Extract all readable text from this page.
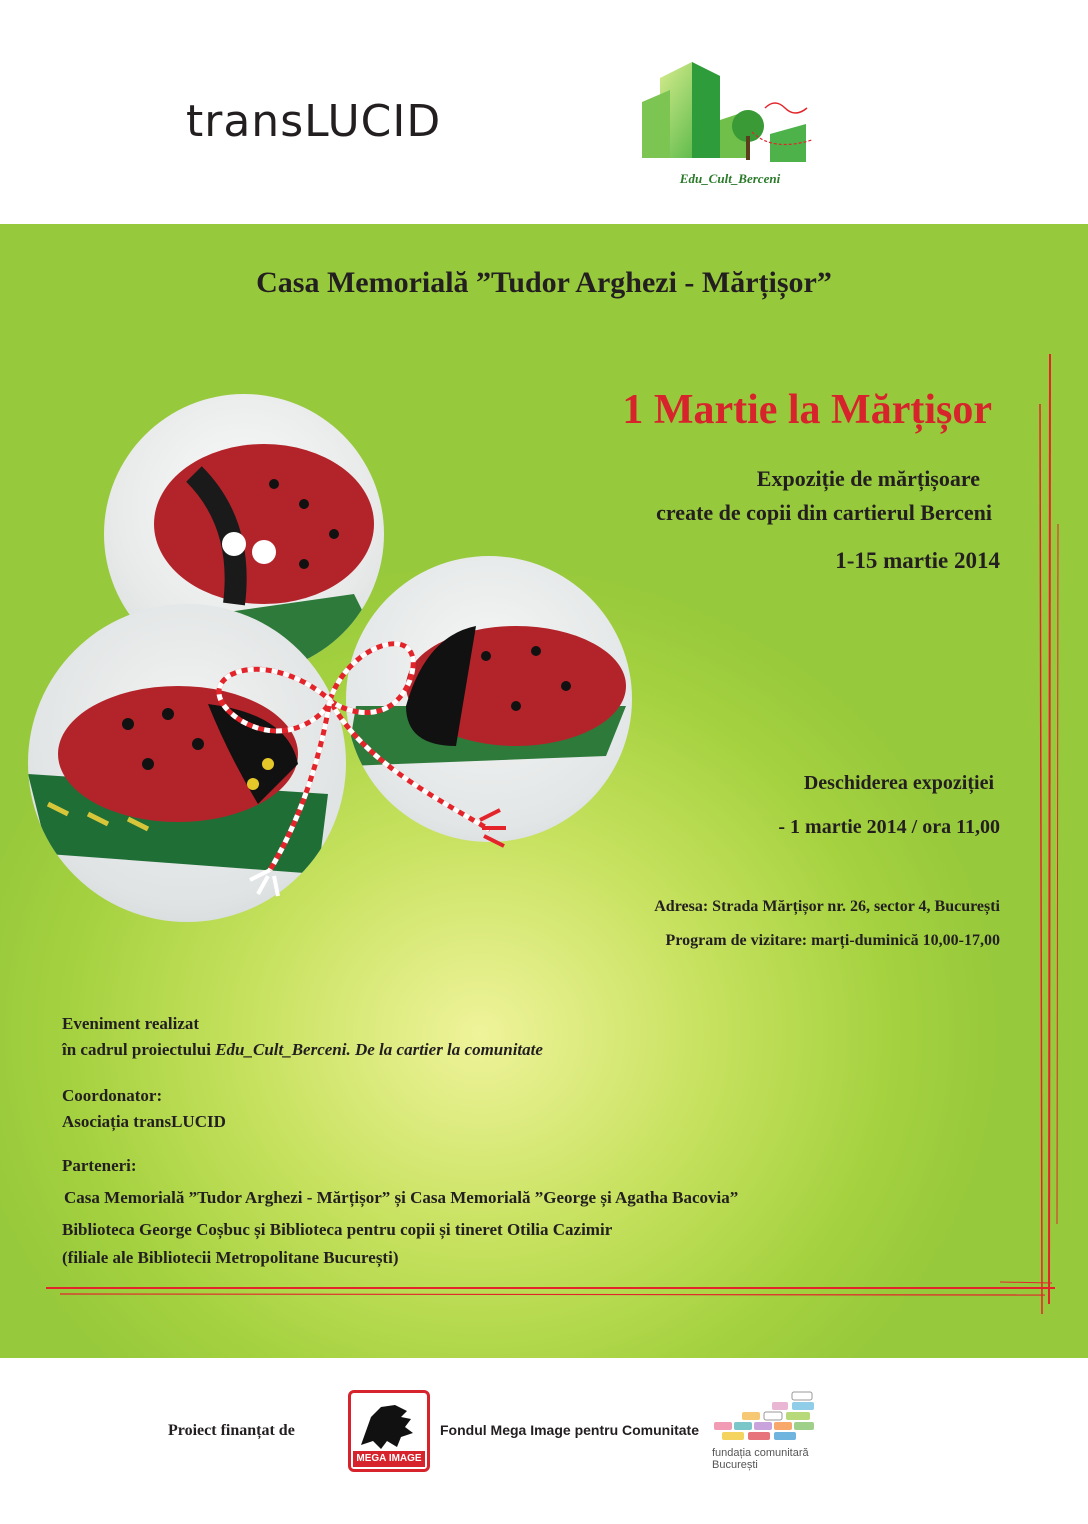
transLUCID
Edu_Cult_Berceni
Casa Memorială ”Tudor Arghezi - Mărțișor”
1 Martie la Mărțișor
Expoziție de mărțișoare
create de copii din cartierul Berceni
1-15 martie 2014
Deschiderea expoziției
- 1 martie 2014 / ora 11,00
Adresa: Strada Mărțișor nr. 26, sector 4, București
Program de vizitare: marți-duminică 10,00-17,00
Eveniment realizat
în cadrul proiectului Edu_Cult_Berceni. De la cartier la comunitate
Coordonator:
Asociația transLUCID
Parteneri:
Casa Memorială ”Tudor Arghezi - Mărțișor” și Casa Memorială ”George și Agatha Bacovia”
Biblioteca George Coșbuc și Biblioteca pentru copii și tineret Otilia Cazimir
(filiale ale Bibliotecii Metropolitane București)
Proiect finanțat de
MEGA IMAGE
Fondul Mega Image pentru Comunitate
fundația comunitară
București
